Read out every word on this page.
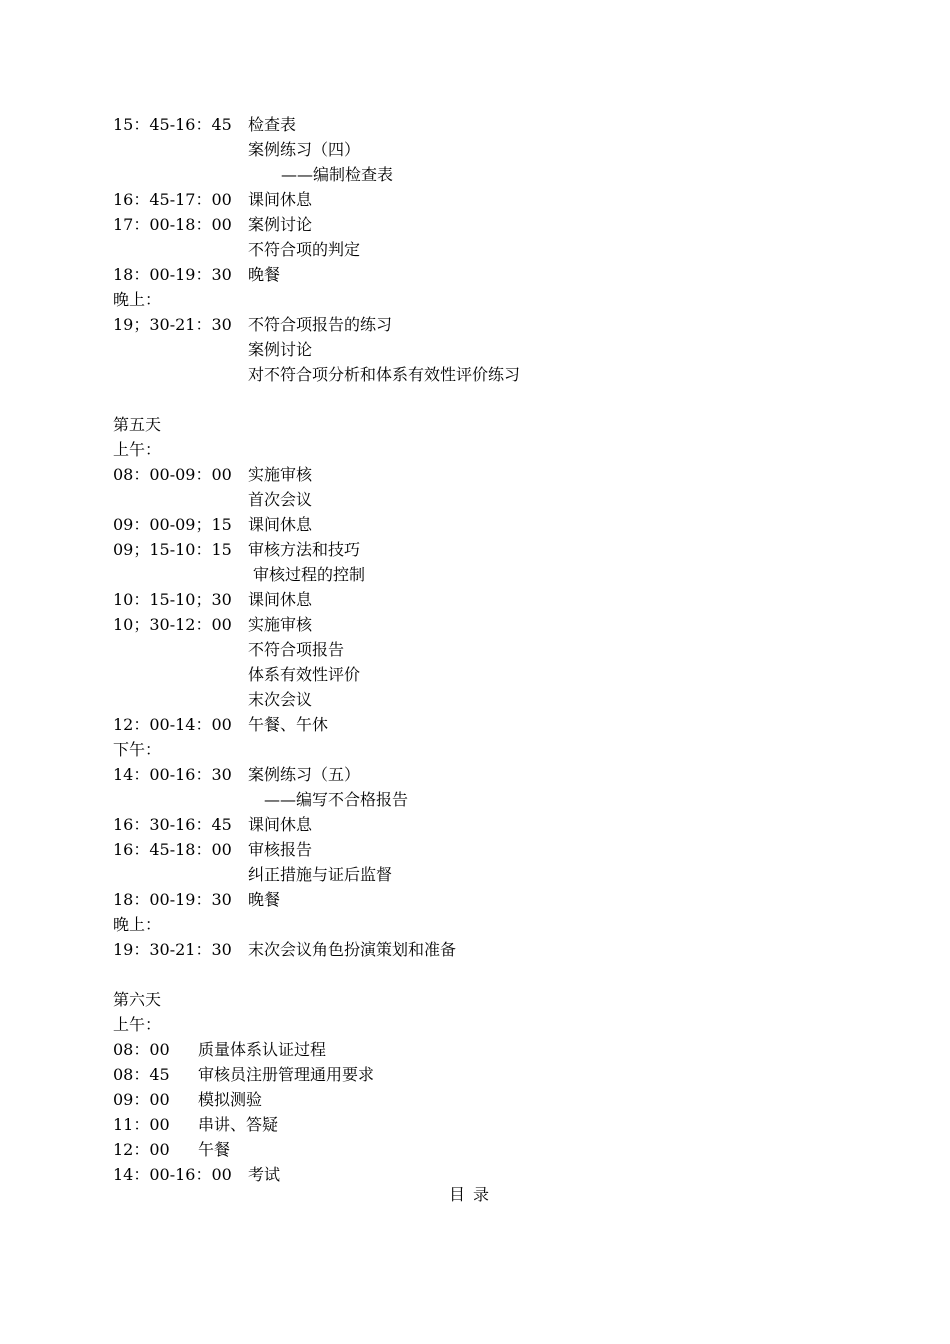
15：45-16：45 检查表
案例练习（四）
——编制检查表
16：45-17：00 课间休息
17：00-18：00 案例讨论
不符合项的判定
18：00-19：30 晚餐
晚上：
19；30-21：30 不符合项报告的练习
案例讨论
对不符合项分析和体系有效性评价练习
第五天
上午：
08：00-09：00 实施审核
首次会议
09：00-09；15 课间休息
09；15-10：15 审核方法和技巧
审核过程的控制
10：15-10；30 课间休息
10；30-12：00 实施审核
不符合项报告
体系有效性评价
末次会议
12：00-14：00 午餐、午休
下午：
14：00-16：30 案例练习（五）
——编写不合格报告
16：30-16：45 课间休息
16：45-18：00 审核报告
纠正措施与证后监督
18：00-19：30 晚餐
晚上：
19：30-21：30 末次会议角色扮演策划和准备
第六天
上午：
08：00 质量体系认证过程
08：45 审核员注册管理通用要求
09：00 模拟测验
11：00 串讲、答疑
12：00 午餐
14：00-16：00 考试
目录
